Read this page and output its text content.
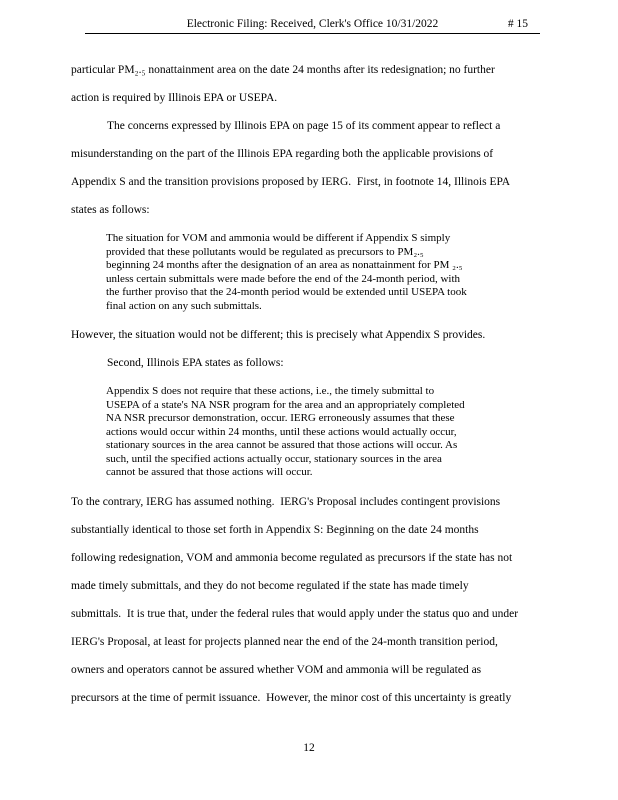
Electronic Filing: Received, Clerk's Office 10/31/2022	# 15
particular PM₂.₅ nonattainment area on the date 24 months after its redesignation; no further
action is required by Illinois EPA or USEPA.
The concerns expressed by Illinois EPA on page 15 of its comment appear to reflect a
misunderstanding on the part of the Illinois EPA regarding both the applicable provisions of
Appendix S and the transition provisions proposed by IERG.  First, in footnote 14, Illinois EPA
states as follows:
The situation for VOM and ammonia would be different if Appendix S simply
provided that these pollutants would be regulated as precursors to PM₂.₅
beginning 24 months after the designation of an area as nonattainment for PM ₂.₅
unless certain submittals were made before the end of the 24-month period, with
the further proviso that the 24-month period would be extended until USEPA took
final action on any such submittals.
However, the situation would not be different; this is precisely what Appendix S provides.
Second, Illinois EPA states as follows:
Appendix S does not require that these actions, i.e., the timely submittal to
USEPA of a state's NA NSR program for the area and an appropriately completed
NA NSR precursor demonstration, occur. IERG erroneously assumes that these
actions would occur within 24 months, until these actions would actually occur,
stationary sources in the area cannot be assured that those actions will occur. As
such, until the specified actions actually occur, stationary sources in the area
cannot be assured that those actions will occur.
To the contrary, IERG has assumed nothing.  IERG's Proposal includes contingent provisions
substantially identical to those set forth in Appendix S: Beginning on the date 24 months
following redesignation, VOM and ammonia become regulated as precursors if the state has not
made timely submittals, and they do not become regulated if the state has made timely
submittals.  It is true that, under the federal rules that would apply under the status quo and under
IERG's Proposal, at least for projects planned near the end of the 24-month transition period,
owners and operators cannot be assured whether VOM and ammonia will be regulated as
precursors at the time of permit issuance.  However, the minor cost of this uncertainty is greatly
12
